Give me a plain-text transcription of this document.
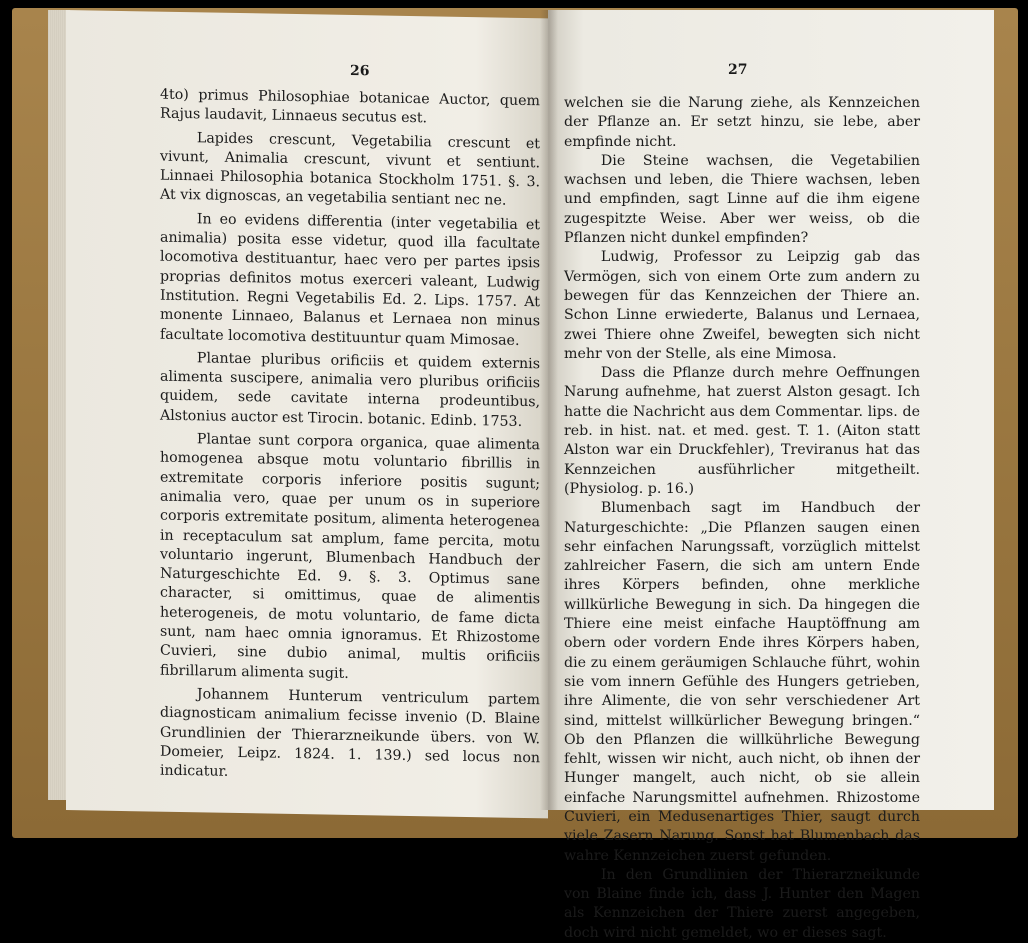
26

4to) primus Philosophiae botanicae Auctor, quem Rajus laudavit, Linnaeus secutus est.

Lapides crescunt, Vegetabilia crescunt et vivunt, Animalia crescunt, vivunt et sentiunt. Linnaei Philosophia botanica Stockholm 1751. §. 3. At vix dignoscas, an vegetabilia sentiant nec ne.

In eo evidens differentia (inter vegetabilia et animalia) posita esse videtur, quod illa facultate locomotiva destituantur, haec vero per partes ipsis proprias definitos motus exerceri valeant, Ludwig Institution. Regni Vegetabilis Ed. 2. Lips. 1757. At monente Linnaeo, Balanus et Lernaea non minus facultate locomotiva destituuntur quam Mimosae.

Plantae pluribus orificiis et quidem externis alimenta suscipere, animalia vero pluribus orificiis quidem, sede cavitate interna prodeuntibus, Alstonius auctor est Tirocin. botanic. Edinb. 1753.

Plantae sunt corpora organica, quae alimenta homogenea absque motu voluntario fibrillis in extremitate corporis inferiore positis sugunt; animalia vero, quae per unum os in superiore corporis extremitate positum, alimenta heterogenea in receptaculum sat amplum, fame percita, motu voluntario ingerunt, Blumenbach Handbuch der Naturgeschichte Ed. 9. §. 3. Optimus sane character, si omittimus, quae de alimentis heterogeneis, de motu voluntario, de fame dicta sunt, nam haec omnia ignoramus. Et Rhizostome Cuvieri, sine dubio animal, multis orificiis fibrillarum alimenta sugit.

Johannem Hunterum ventriculum partem diagnosticam animalium fecisse invenio (D. Blaine Grundlinien der Thierarzneikunde übers. von W. Domeier, Leipz. 1824. 1. 139.) sed locus non indicatur.

27

welchen sie die Narung ziehe, als Kennzeichen der Pflanze an. Er setzt hinzu, sie lebe, aber empfinde nicht.

Die Steine wachsen, die Vegetabilien wachsen und leben, die Thiere wachsen, leben und empfinden, sagt Linne auf die ihm eigene zugespitzte Weise. Aber wer weiss, ob die Pflanzen nicht dunkel empfinden?

Ludwig, Professor zu Leipzig gab das Vermögen, sich von einem Orte zum andern zu bewegen für das Kennzeichen der Thiere an. Schon Linne erwiederte, Balanus und Lernaea, zwei Thiere ohne Zweifel, bewegten sich nicht mehr von der Stelle, als eine Mimosa.

Dass die Pflanze durch mehre Oeffnungen Narung aufnehme, hat zuerst Alston gesagt. Ich hatte die Nachricht aus dem Commentar. lips. de reb. in hist. nat. et med. gest. T. 1. (Aiton statt Alston war ein Druckfehler), Treviranus hat das Kennzeichen ausführlicher mitgetheilt. (Physiolog. p. 16.)

Blumenbach sagt im Handbuch der Naturgeschichte: „Die Pflanzen saugen einen sehr einfachen Narungssaft, vorzüglich mittelst zahlreicher Fasern, die sich am untern Ende ihres Körpers befinden, ohne merkliche willkürliche Bewegung in sich. Da hingegen die Thiere eine meist einfache Hauptöffnung am obern oder vordern Ende ihres Körpers haben, die zu einem geräumigen Schlauche führt, wohin sie vom innern Gefühle des Hungers getrieben, ihre Alimente, die von sehr verschiedener Art sind, mittelst willkürlicher Bewegung bringen.“ Ob den Pflanzen die willkührliche Bewegung fehlt, wissen wir nicht, auch nicht, ob ihnen der Hunger mangelt, auch nicht, ob sie allein einfache Narungsmittel aufnehmen. Rhizostome Cuvieri, ein Medusenartiges Thier, saugt durch viele Zasern Narung. Sonst hat Blumenbach das wahre Kennzeichen zuerst gefunden.

In den Grundlinien der Thierarzneikunde von Blaine finde ich, dass J. Hunter den Magen als Kennzeichen der Thiere zuerst angegeben, doch wird nicht gemeldet, wo er dieses sagt.
